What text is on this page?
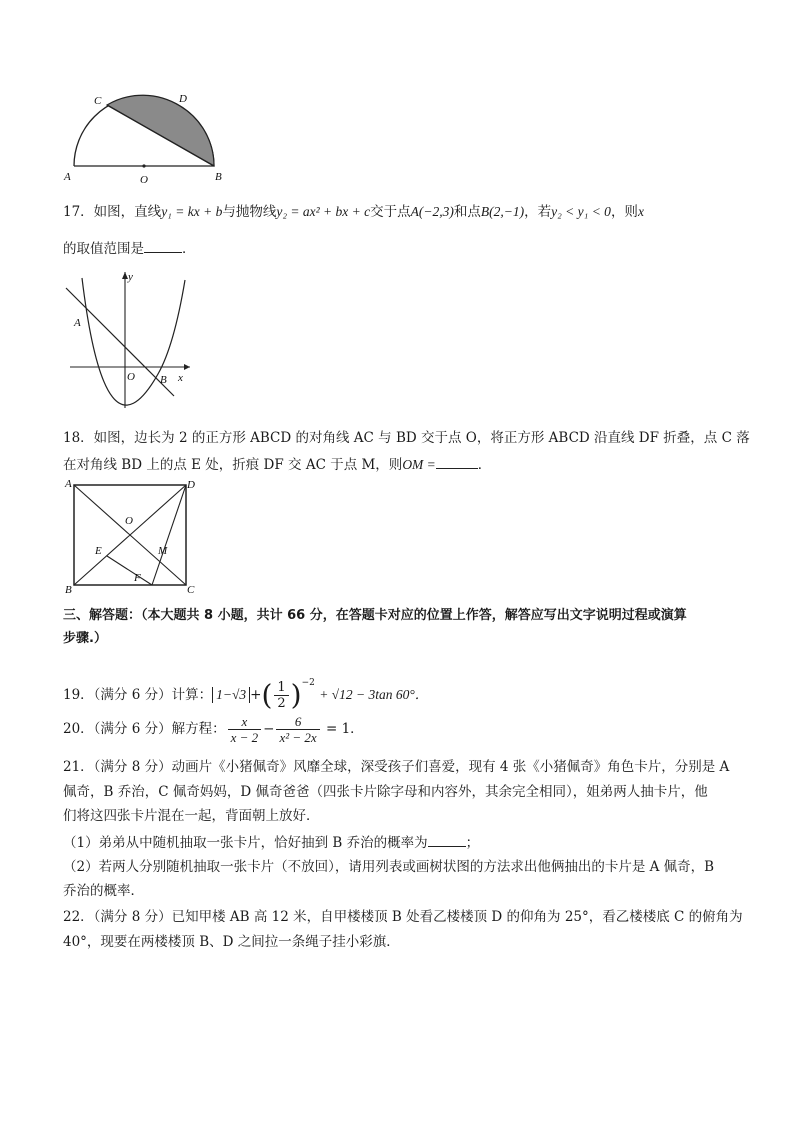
A	O	B
C	D
17．如图，直线y₁ = kx + b与抛物线y₂ = ax² + bx + c交于点A(−2,3)和点B(2,−1)，若y₂ < y₁ < 0，则x
的取值范围是	．
y
A
O B x
18．如图，边长为 2 的正方形 ABCD 的对角线 AC 与 BD 交于点 O，将正方形 ABCD 沿直线 DF 折叠，点 C 落
在对角线 BD 上的点 E 处，折痕 DF 交 AC 于点 M，则OM =	．
A	D
O
E	M
F
B	C
三、解答题：（本大题共 8 小题，共计 66 分，在答题卡对应的位置上作答，解答应写出文字说明过程或演算
步骤.）
19．（满分 6 分）计算： 1−√3 +( $\frac{1}{2} )^{-2} + √12 - 3\tan$ 60°．
20．（满分 6 分）解方程： $\frac{x}{x - 2} - \frac{6}{\text{x² − 2x}} = 1$．
21．（满分 8 分）动画片《小猪佩奇》风靡全球，深受孩子们喜爱，现有 4 张《小猪佩奇》角色卡片，分别是 A
佩奇，B 乔治，C 佩奇妈妈，D 佩奇爸爸（四张卡片除字母和内容外，其余完全相同），姐弟两人抽卡片，他
们将这四张卡片混在一起，背面朝上放好．
（1）弟弟从中随机抽取一张卡片，恰好抽到 B 乔治的概率为	；
（2）若两人分别随机抽取一张卡片（不放回），请用列表或画树状图的方法求出他俩抽出的卡片是 A 佩奇，B
乔治的概率．
22．（满分 8 分）已知甲楼 AB 高 12 米，自甲楼楼顶 B 处看乙楼楼顶 D 的仰角为 25°，看乙楼楼底 C 的俯角为
40°，现要在两楼楼顶 B、D 之间拉一条绳子挂小彩旗．
